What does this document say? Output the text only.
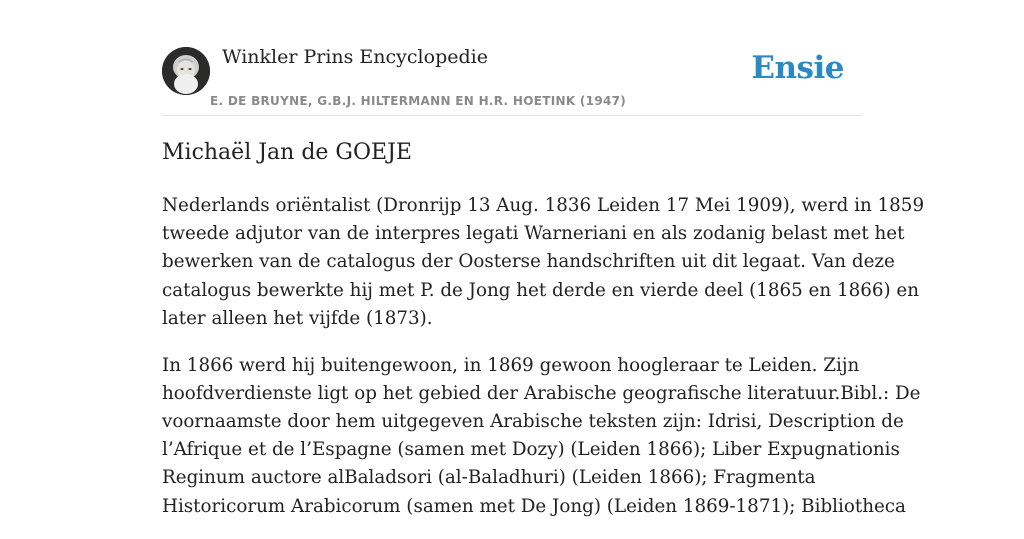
Winkler Prins Encyclopedie
E. DE BRUYNE, G.B.J. HILTERMANN EN H.R. HOETINK (1947)
Ensie
Michaël Jan de GOEJE

Nederlands oriëntalist (Dronrijp 13 Aug. 1836 Leiden 17 Mei 1909), werd in 1859
tweede adjutor van de interpres legati Warneriani en als zodanig belast met het
bewerken van de catalogus der Oosterse handschriften uit dit legaat. Van deze
catalogus bewerkte hij met P. de Jong het derde en vierde deel (1865 en 1866) en
later alleen het vijfde (1873).

In 1866 werd hij buitengewoon, in 1869 gewoon hoogleraar te Leiden. Zijn
hoofdverdienste ligt op het gebied der Arabische geografische literatuur.Bibl.: De
voornaamste door hem uitgegeven Arabische teksten zijn: Idrisi, Description de
l’Afrique et de l’Espagne (samen met Dozy) (Leiden 1866); Liber Expugnationis
Reginum auctore alBaladsori (al-Baladhuri) (Leiden 1866); Fragmenta
Historicorum Arabicorum (samen met De Jong) (Leiden 1869-1871); Bibliotheca
